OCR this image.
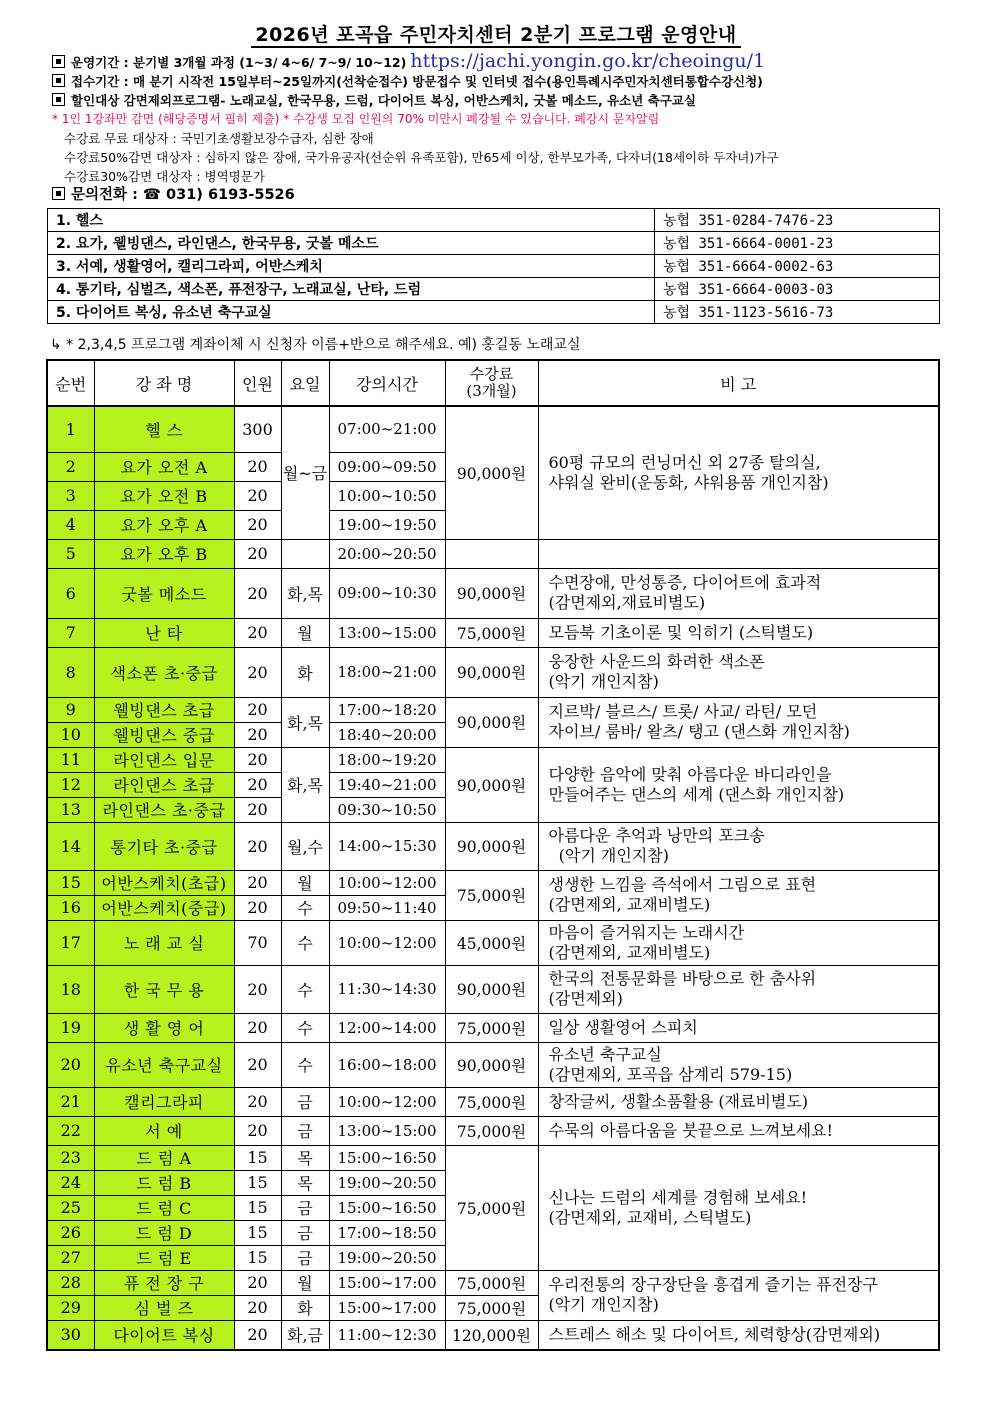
2026년 포곡읍 주민자치센터 2분기 프로그램 운영안내
운영기간 : 분기별 3개월 과정 (1~3/ 4~6/ 7~9/ 10~12) https://jachi.yongin.go.kr/cheoingu/1
접수기간 : 매 분기 시작전 15일부터~25일까지(선착순접수) 방문접수 및 인터넷 접수(용인특례시주민자치센터통합수강신청)
할인대상 감면제외프로그램- 노래교실, 한국무용, 드럼, 다이어트 복싱, 어반스케치, 굿볼 메소드, 유소년 축구교실
* 1인 1강좌만 감면 (해당증명서 필히 제출) * 수강생 모집 인원의 70% 미만시 폐강될 수 있습니다. 폐강시 문자알림
수강료 무료 대상자 : 국민기초생활보장수급자, 심한 장애
수강료50%감면 대상자 : 심하지 않은 장애, 국가유공자(선순위 유족포함), 만65세 이상, 한부모가족, 다자녀(18세이하 두자녀)가구
수강료30%감면 대상자 : 병역명문가
문의전화 : ☎ 031) 6193-5526
1. 헬스	농협 351-0284-7476-23
2. 요가, 웰빙댄스, 라인댄스, 한국무용, 굿볼 메소드	농협 351-6664-0001-23
3. 서예, 생활영어, 캘리그라피, 어반스케치	농협 351-6664-0002-63
4. 통기타, 심벌즈, 색소폰, 퓨전장구, 노래교실, 난타, 드럼	농협 351-6664-0003-03
5. 다이어트 복싱, 유소년 축구교실	농협 351-1123-5616-73
↳ * 2,3,4,5 프로그램 계좌이체 시 신청자 이름+반으로 해주세요. 예) 홍길동 노래교실
순번	강 좌 명	인원	요일	강의시간	수강료
(3개월)	비 고
1	헬 스	300	월~금	07:00~21:00	90,000원	60평 규모의 런닝머신 외 27종 탈의실,
샤워실 완비(운동화, 샤워용품 개인지참)

2	요가 오전 A	20		09:00~09:50		
3	요가 오전 B	20		10:00~10:50		
4	요가 오후 A	20		19:00~19:50		
5	요가 오후 B	20		20:00~20:50		
6	굿볼 메소드	20	화,목	09:00~10:30	90,000원	수면장애, 만성통증, 다이어트에 효과적
(감면제외,재료비별도)

7	난 타	20	월	13:00~15:00	75,000원	모듬북 기초이론 및 익히기 (스틱별도)

8	색소폰 초·중급	20	화	18:00~21:00	90,000원	웅장한 사운드의 화려한 색소폰
(악기 개인지참)

9	웰빙댄스 초급	20	화,목	17:00~18:20	90,000원	지르박/ 블르스/ 트롯/ 사교/ 라틴/ 모던
자이브/ 룸바/ 왈츠/ 탱고 (댄스화 개인지참)

10	웰빙댄스 중급	20		18:40~20:00		
11	라인댄스 입문	20	화,목	18:00~19:20	90,000원	다양한 음악에 맞춰 아름다운 바디라인을
만들어주는 댄스의 세계 (댄스화 개인지참)

12	라인댄스 초급	20		19:40~21:00		
13	라인댄스 초·중급	20		09:30~10:50		
14	통기타 초·중급	20	월,수	14:00~15:30	90,000원	아름다운 추억과 낭만의 포크송
(악기 개인지참)

15	어반스케치(초급)	20	월	10:00~12:00	75,000원	생생한 느낌을 즉석에서 그림으로 표현
(감면제외, 교재비별도)

16	어반스케치(중급)	20	수	09:50~11:40		
17	노 래 교 실	70	수	10:00~12:00	45,000원	마음이 즐거워지는 노래시간
(감면제외, 교재비별도)

18	한 국 무 용	20	수	11:30~14:30	90,000원	한국의 전통문화를 바탕으로 한 춤사위
(감면제외)

19	생 활 영 어	20	수	12:00~14:00	75,000원	일상 생활영어 스피치

20	유소년 축구교실	20	수	16:00~18:00	90,000원	유소년 축구교실
(감면제외, 포곡읍 삼계리 579-15)

21	캘리그라피	20	금	10:00~12:00	75,000원	창작글씨, 생활소품활용 (재료비별도)

22	서 예	20	금	13:00~15:00	75,000원	수묵의 아름다움을 붓끝으로 느껴보세요!

23	드 럼 A	15	목	15:00~16:50	75,000원	신나는 드럼의 세계를 경험해 보세요!
(감면제외, 교재비, 스틱별도)

24	드 럼 B	15	목	19:00~20:50		
25	드 럼 C	15	금	15:00~16:50		
26	드 럼 D	15	금	17:00~18:50		
27	드 럼 E	15	금	19:00~20:50		
28	퓨 전 장 구	20	월	15:00~17:00	75,000원	우리전통의 장구장단을 흥겹게 즐기는 퓨전장구
(악기 개인지참)

29	심 벌 즈	20	화	15:00~17:00	75,000원	
30	다이어트 복싱	20	화,금	11:00~12:30	120,000원	스트레스 해소 및 다이어트, 체력향상(감면제외)
